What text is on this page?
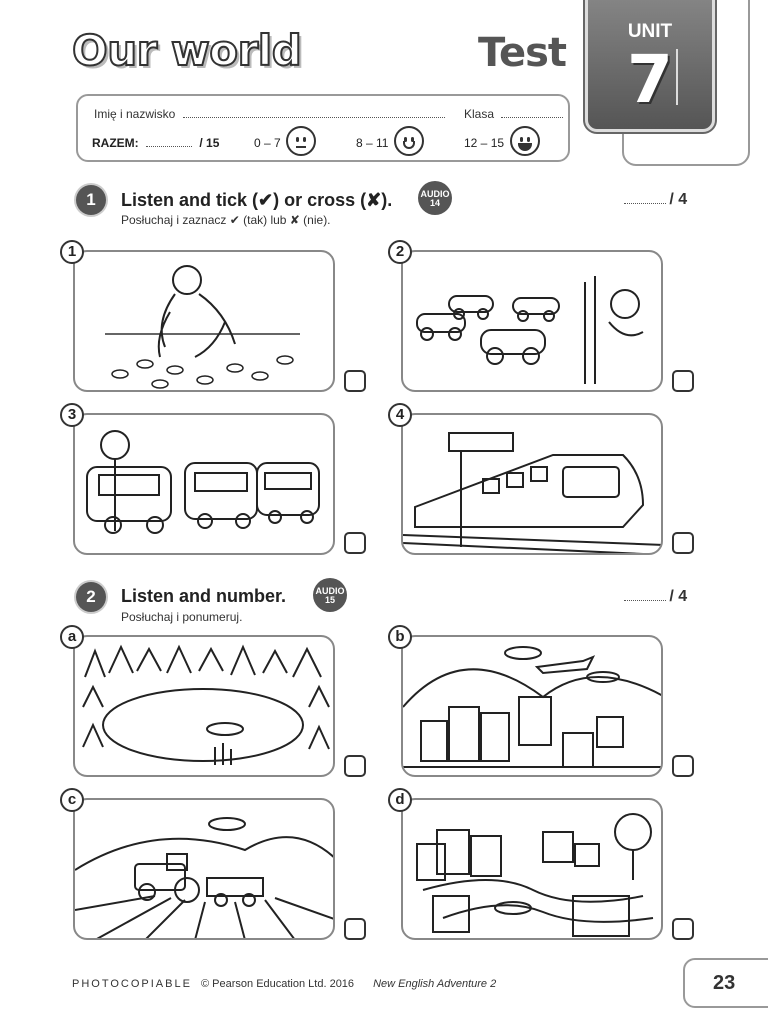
Our world	Test	UNIT
7
Imię i nazwisko	Klasa
RAZEM:	/ 15	0 – 7	8 – 11	12 – 15
1	Listen and tick (✔) or cross (✘).	AUDIO
14
Posłuchaj i zaznacz ✔ (tak) lub ✘ (nie).
/ 4
1	2
3	4
2	Listen and number.	AUDIO
15
Posłuchaj i ponumeruj.
/ 4
a	b
c	d
PHOTOCOPIABLE © Pearson Education Ltd. 2016 New English Adventure 2	23
